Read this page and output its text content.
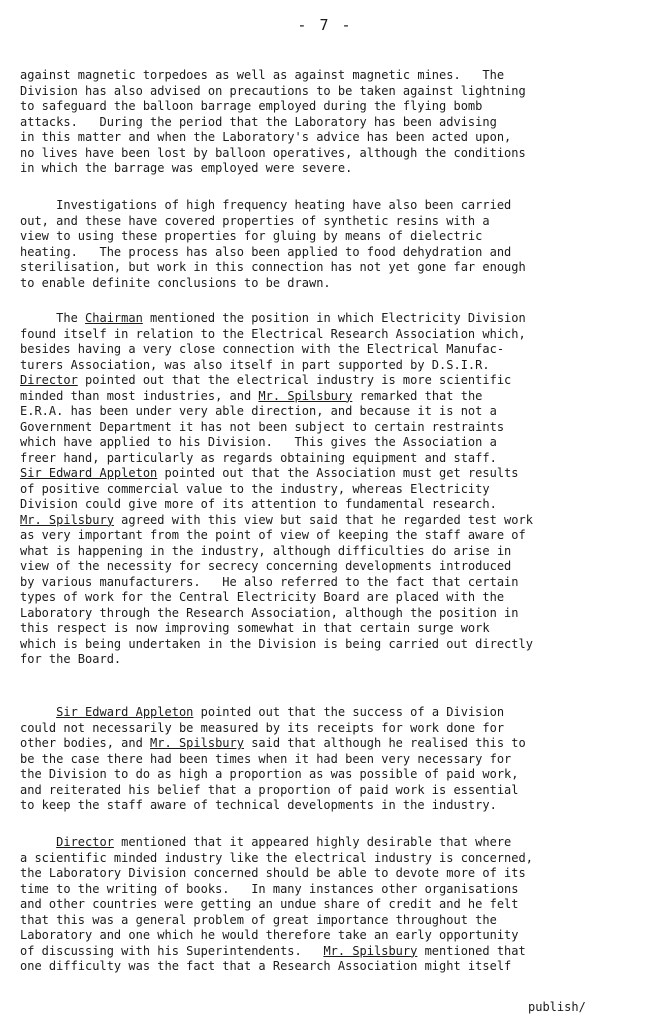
- 7 -
against magnetic torpedoes as well as against magnetic mines.   The
Division has also advised on precautions to be taken against lightning
to safeguard the balloon barrage employed during the flying bomb
attacks.   During the period that the Laboratory has been advising
in this matter and when the Laboratory's advice has been acted upon,
no lives have been lost by balloon operatives, although the conditions
in which the barrage was employed were severe.
Investigations of high frequency heating have also been carried
out, and these have covered properties of synthetic resins with a
view to using these properties for gluing by means of dielectric
heating.   The process has also been applied to food dehydration and
sterilisation, but work in this connection has not yet gone far enough
to enable definite conclusions to be drawn.
The Chairman mentioned the position in which Electricity Division
found itself in relation to the Electrical Research Association which,
besides having a very close connection with the Electrical Manufac-
turers Association, was also itself in part supported by D.S.I.R.
Director pointed out that the electrical industry is more scientific
minded than most industries, and Mr. Spilsbury remarked that the
E.R.A. has been under very able direction, and because it is not a
Government Department it has not been subject to certain restraints
which have applied to his Division.   This gives the Association a
freer hand, particularly as regards obtaining equipment and staff.
Sir Edward Appleton pointed out that the Association must get results
of positive commercial value to the industry, whereas Electricity
Division could give more of its attention to fundamental research.
Mr. Spilsbury agreed with this view but said that he regarded test work
as very important from the point of view of keeping the staff aware of
what is happening in the industry, although difficulties do arise in
view of the necessity for secrecy concerning developments introduced
by various manufacturers.   He also referred to the fact that certain
types of work for the Central Electricity Board are placed with the
Laboratory through the Research Association, although the position in
this respect is now improving somewhat in that certain surge work
which is being undertaken in the Division is being carried out directly
for the Board.
Sir Edward Appleton pointed out that the success of a Division
could not necessarily be measured by its receipts for work done for
other bodies, and Mr. Spilsbury said that although he realised this to
be the case there had been times when it had been very necessary for
the Division to do as high a proportion as was possible of paid work,
and reiterated his belief that a proportion of paid work is essential
to keep the staff aware of technical developments in the industry.
Director mentioned that it appeared highly desirable that where
a scientific minded industry like the electrical industry is concerned,
the Laboratory Division concerned should be able to devote more of its
time to the writing of books.   In many instances other organisations
and other countries were getting an undue share of credit and he felt
that this was a general problem of great importance throughout the
Laboratory and one which he would therefore take an early opportunity
of discussing with his Superintendents.   Mr. Spilsbury mentioned that
one difficulty was the fact that a Research Association might itself
publish/
